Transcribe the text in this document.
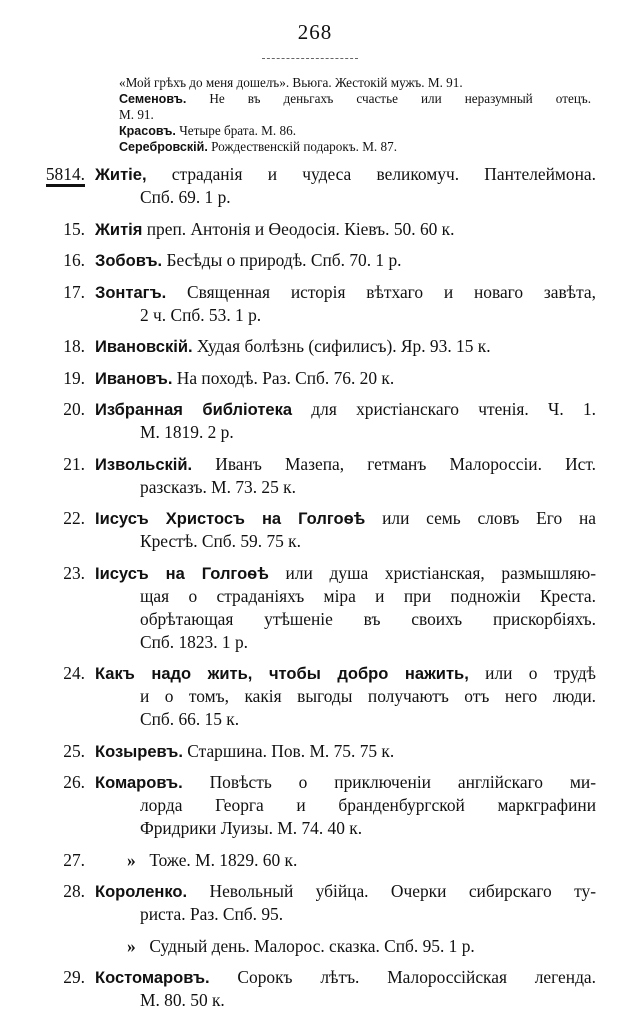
268
«Мой грѣхъ до меня дошелъ». Вьюга. Жестокій мужъ. М. 91.
Семеновъ. Не въ деньгахъ счастье или неразумный отецъ.
М. 91.
Красовъ. Четыре брата. М. 86.
Серебровскій. Рождественскій подарокъ. М. 87.
5814. Житіе, страданія и чудеса великомуч. Пантелеймона.
Спб. 69. 1 р.
15. Житія преп. Антонія и Өеодосія. Кіевъ. 50. 60 к.
16. Зобовъ. Бесѣды о природѣ. Спб. 70. 1 р.
17. Зонтагъ. Священная исторія вѣтхаго и новаго завѣта,
2 ч. Спб. 53. 1 р.
18. Ивановскій. Худая болѣзнь (сифилисъ). Яр. 93. 15 к.
19. Ивановъ. На походѣ. Раз. Спб. 76. 20 к.
20. Избранная библіотека для христіанскаго чтенія. Ч. 1.
М. 1819. 2 р.
21. Извольскій. Иванъ Мазепа, гетманъ Малороссіи. Ист.
разсказъ. М. 73. 25 к.
22. Іисусъ Христосъ на Голгоѳѣ или семь словъ Его на
Крестѣ. Спб. 59. 75 к.
23. Іисусъ на Голгоѳѣ или душа христіанская, размышляю-
щая о страданіяхъ міра и при подножіи Креста.
обрѣтающая утѣшеніе въ своихъ прискорбіяхъ.
Спб. 1823. 1 р.
24. Какъ надо жить, чтобы добро нажить, или о трудѣ
и о томъ, какія выгоды получаютъ отъ него люди.
Спб. 66. 15 к.
25. Козыревъ. Старшина. Пов. М. 75. 75 к.
26. Комаровъ. Повѣсть о приключеніи англійскаго ми-
лорда Георга и бранденбургской маркграфини
Фридрики Луизы. М. 74. 40 к.
27.	» Тоже. М. 1829. 60 к.
28. Короленко. Невольный убійца. Очерки сибирскаго ту-
риста. Раз. Спб. 95.
» Судный день. Малорос. сказка. Спб. 95. 1 р.
29. Костомаровъ. Сорокъ лѣтъ. Малороссійская легенда.
М. 80. 50 к.
